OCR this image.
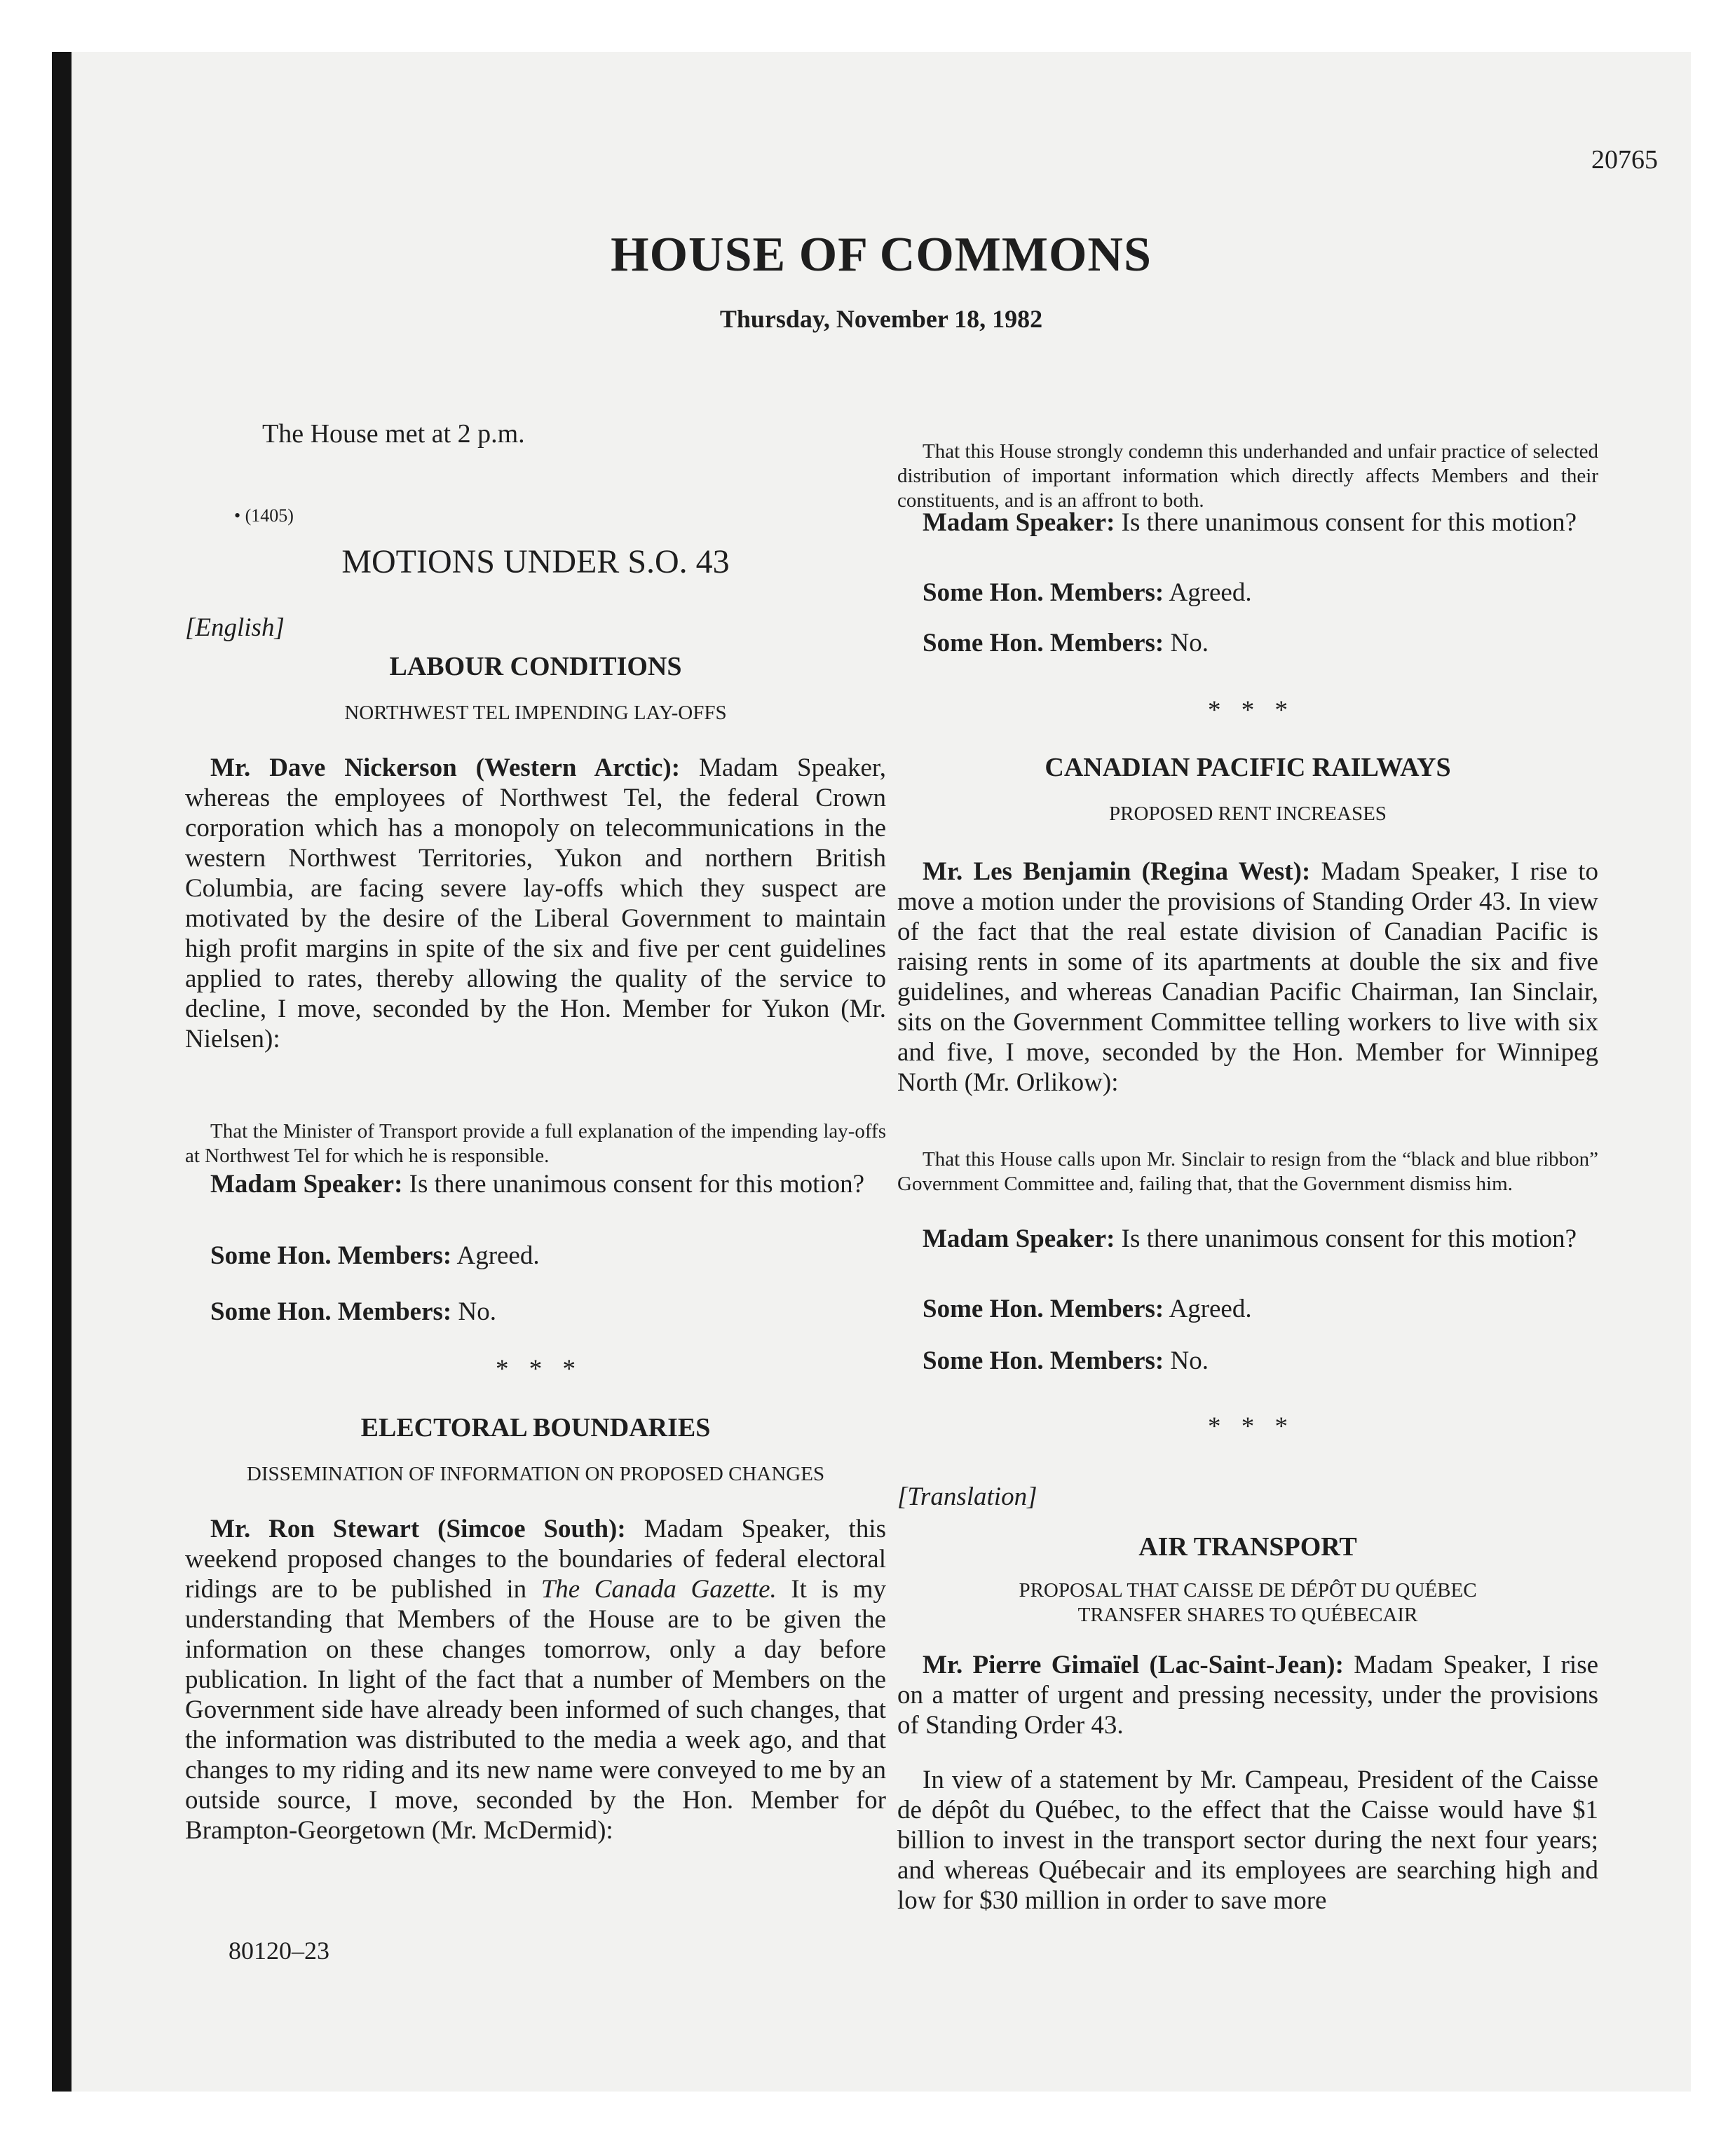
20765
HOUSE OF COMMONS
Thursday, November 18, 1982
The House met at 2 p.m.
• (1405)
MOTIONS UNDER S.O. 43
[English]
LABOUR CONDITIONS
NORTHWEST TEL IMPENDING LAY-OFFS

Mr. Dave Nickerson (Western Arctic): Madam Speaker, whereas the employees of Northwest Tel, the federal Crown corporation which has a monopoly on telecommunications in the western Northwest Territories, Yukon and northern British Columbia, are facing severe lay-offs which they suspect are motivated by the desire of the Liberal Government to maintain high profit margins in spite of the six and five per cent guidelines applied to rates, thereby allowing the quality of the service to decline, I move, seconded by the Hon. Member for Yukon (Mr. Nielsen):

That the Minister of Transport provide a full explanation of the impending lay-offs at Northwest Tel for which he is responsible.

Madam Speaker: Is there unanimous consent for this motion?

Some Hon. Members: Agreed.

Some Hon. Members: No.

* * *
ELECTORAL BOUNDARIES
DISSEMINATION OF INFORMATION ON PROPOSED CHANGES

Mr. Ron Stewart (Simcoe South): Madam Speaker, this weekend proposed changes to the boundaries of federal electoral ridings are to be published in The Canada Gazette. It is my understanding that Members of the House are to be given the information on these changes tomorrow, only a day before publication. In light of the fact that a number of Members on the Government side have already been informed of such changes, that the information was distributed to the media a week ago, and that changes to my riding and its new name were conveyed to me by an outside source, I move, seconded by the Hon. Member for Brampton-Georgetown (Mr. McDermid):

80120–23

That this House strongly condemn this underhanded and unfair practice of selected distribution of important information which directly affects Members and their constituents, and is an affront to both.

Madam Speaker: Is there unanimous consent for this motion?

Some Hon. Members: Agreed.

Some Hon. Members: No.

* * *
CANADIAN PACIFIC RAILWAYS
PROPOSED RENT INCREASES

Mr. Les Benjamin (Regina West): Madam Speaker, I rise to move a motion under the provisions of Standing Order 43. In view of the fact that the real estate division of Canadian Pacific is raising rents in some of its apartments at double the six and five guidelines, and whereas Canadian Pacific Chairman, Ian Sinclair, sits on the Government Committee telling workers to live with six and five, I move, seconded by the Hon. Member for Winnipeg North (Mr. Orlikow):

That this House calls upon Mr. Sinclair to resign from the “black and blue ribbon” Government Committee and, failing that, that the Government dismiss him.

Madam Speaker: Is there unanimous consent for this motion?

Some Hon. Members: Agreed.

Some Hon. Members: No.

* * *
[Translation]
AIR TRANSPORT
PROPOSAL THAT CAISSE DE DÉPÔT DU QUÉBEC TRANSFER SHARES TO QUÉBECAIR

Mr. Pierre Gimaïel (Lac-Saint-Jean): Madam Speaker, I rise on a matter of urgent and pressing necessity, under the provisions of Standing Order 43.

In view of a statement by Mr. Campeau, President of the Caisse de dépôt du Québec, to the effect that the Caisse would have $1 billion to invest in the transport sector during the next four years; and whereas Québecair and its employees are searching high and low for $30 million in order to save more
